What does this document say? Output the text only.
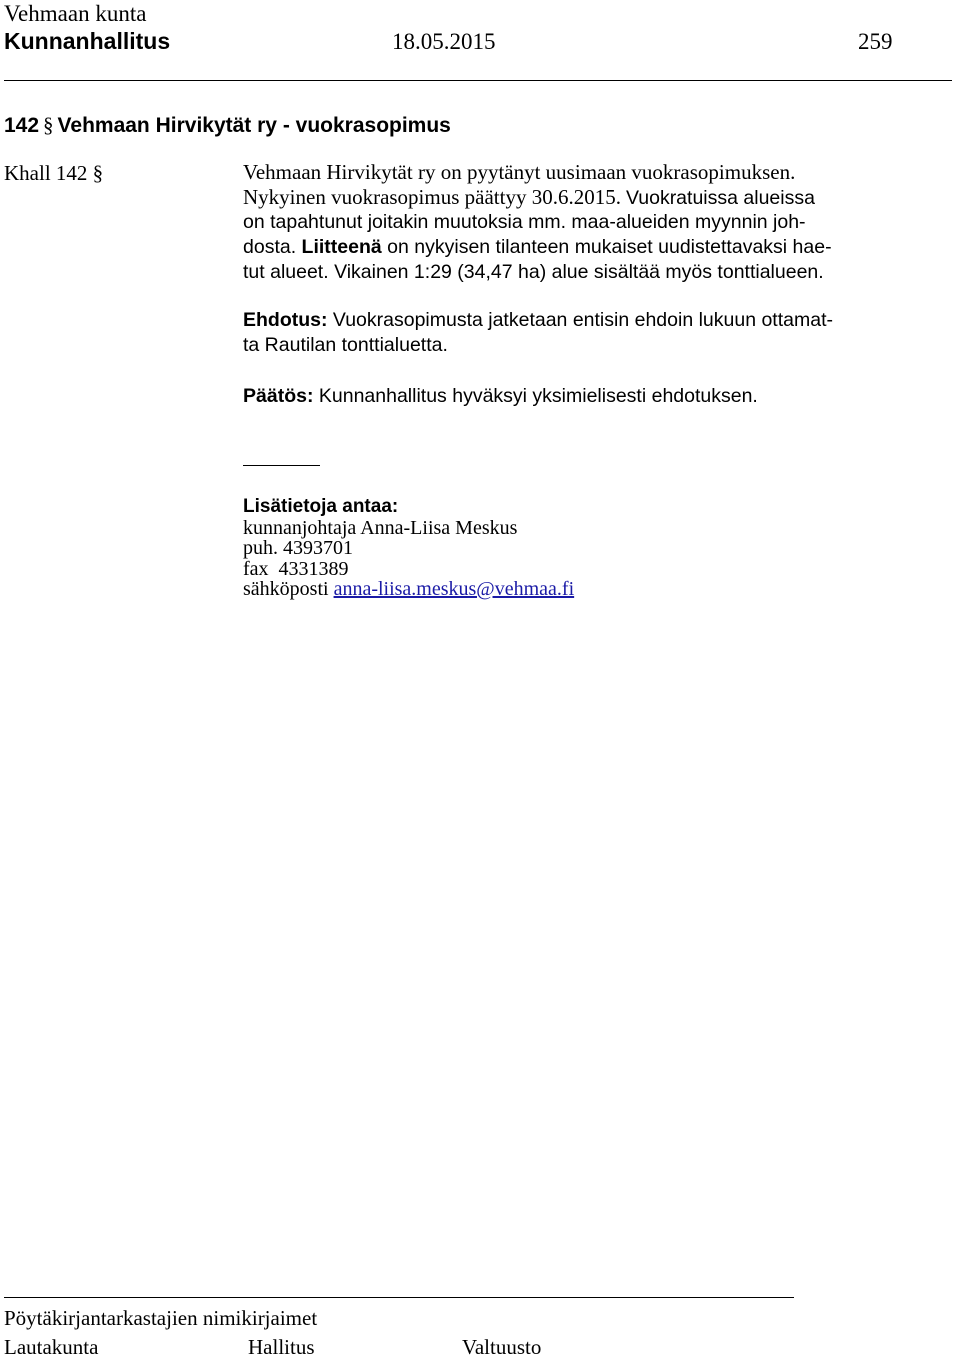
Vehmaan kunta
Kunnanhallitus	18.05.2015	259
142 § Vehmaan Hirvikytät ry - vuokrasopimus
Khall 142 §	Vehmaan Hirvikytät ry on pyytänyt uusimaan vuokrasopimuksen.
Nykyinen vuokrasopimus päättyy 30.6.2015. Vuokratuissa alueissa
on tapahtunut joitakin muutoksia mm. maa-alueiden myynnin joh-
dosta. Liitteenä on nykyisen tilanteen mukaiset uudistettavaksi hae-
tut alueet. Vikainen 1:29 (34,47 ha) alue sisältää myös tonttialueen.
Ehdotus: Vuokrasopimusta jatketaan entisin ehdoin lukuun ottamat-
ta Rautilan tonttialuetta.
Päätös: Kunnanhallitus hyväksyi yksimielisesti ehdotuksen.
Lisätietoja antaa:
kunnanjohtaja Anna-Liisa Meskus
puh. 4393701
fax  4331389
sähköposti anna-liisa.meskus@vehmaa.fi
Pöytäkirjantarkastajien nimikirjaimet
Lautakunta	Hallitus	Valtuusto
